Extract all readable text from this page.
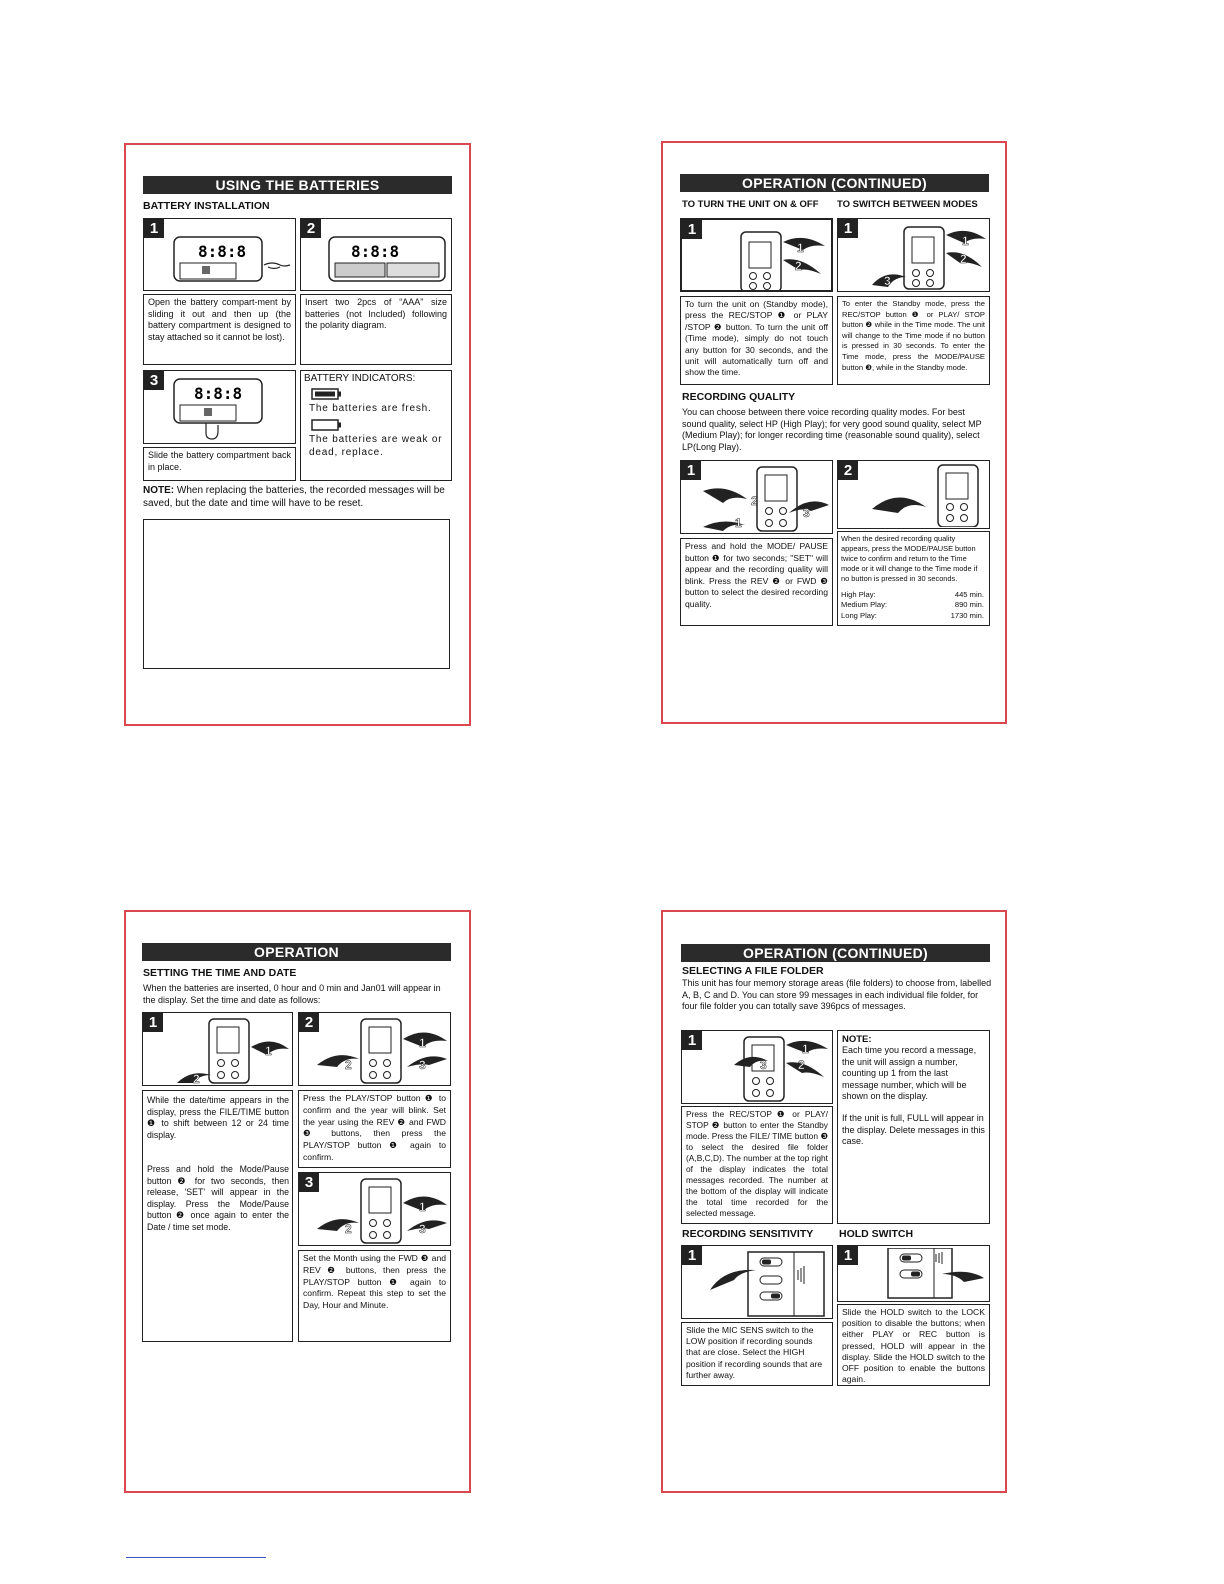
USING THE BATTERIES
BATTERY INSTALLATION
1
8:8:8
2
8:8:8
Open the battery compart-ment by sliding it out and then up (the battery compartment is designed to stay attached so it cannot be lost).
Insert two 2pcs of “AAA” size batteries (not Included) following the polarity diagram.
3
8:8:8
BATTERY INDICATORS:
The batteries are fresh.
The batteries are weak or dead, replace.
Slide the battery compartment back in place.
NOTE: When replacing the batteries, the recorded messages will be saved, but the date and time will have to be reset.
OPERATION (CONTINUED)
TO TURN THE UNIT ON & OFF TO SWITCH BETWEEN MODES
1
1
2
1
3
1
2
To turn the unit on (Standby mode), press the REC/STOP ❶ or PLAY /STOP ❷ button. To turn the unit off (Time mode), simply do not touch any button for 30 seconds, and the unit will automatically turn off and show the time.
To enter the Standby mode, press the REC/STOP button ❶ or PLAY/ STOP button ❷ while in the Time mode. The unit will change to the Time mode if no button is pressed in 30 seconds. To enter the Time mode, press the MODE/PAUSE button ❸, while in the Standby mode.
RECORDING QUALITY
You can choose between there voice recording quality modes. For best sound quality, select HP (High Play); for very good sound quality, select MP (Medium Play); for longer recording time (reasonable sound quality), select LP(Long Play).
1
2
1
3
2
Press and hold the MODE/ PAUSE button ❶ for two seconds; "SET" will appear and the recording quality will blink. Press the REV ❷ or FWD ❸ button to select the desired recording quality.
When the desired recording quality appears, press the MODE/PAUSE button twice to confirm and return to the Time mode or it will change to the Time mode if no button is pressed in 30 seconds.
High Play:	445 min.
Medium Play:	890 min.
Long Play:	1730 min.
OPERATION
SETTING THE TIME AND DATE
When the batteries are inserted, 0 hour and 0 min and Jan01 will appear in the display. Set the time and date as follows:
1
2
1
2
2
1
3
While the date/time appears in the display, press the FILE/TIME button ❶ to shift between 12 or 24 time display.
Press and hold the Mode/Pause button ❷ for two seconds, then release, 'SET' will appear in the display. Press the Mode/Pause button ❷ once again to enter the Date / time set mode.
Press the PLAY/STOP button ❶ to confirm and the year will blink. Set the year using the REV ❷ and FWD ❸ buttons, then press the PLAY/STOP button ❶ again to confirm.
3
2
1
3
Set the Month using the FWD ❸ and REV ❷ buttons, then press the PLAY/STOP button ❶ again to confirm. Repeat this step to set the Day, Hour and Minute.
OPERATION (CONTINUED)
SELECTING A FILE FOLDER
This unit has four memory storage areas (file folders) to choose from, labelled A, B, C and D. You can store 99 messages in each individual file folder, for four file folder you can totally save 396pcs of messages.
1
3
1
2
NOTE:
Each time you record a message, the unit will assign a number, counting up 1 from the last message number, which will be shown on the display.
If the unit is full, FULL will appear in the display. Delete messages in this case.
Press the REC/STOP ❶ or PLAY/ STOP ❷ button to enter the Standby mode. Press the FILE/ TIME button ❸ to select the desired file folder (A,B,C,D). The number at the top right of the display indicates the total messages recorded. The number at the bottom of the display will indicate the total time recorded for the selected message.
RECORDING SENSITIVITY HOLD SWITCH
1	1
Slide the MIC SENS switch to the LOW position if recording sounds that are close. Select the HIGH position if recording sounds that are further away.
Slide the HOLD switch to the LOCK position to disable the buttons; when either PLAY or REC button is pressed, HOLD will appear in the display. Slide the HOLD switch to the OFF position to enable the buttons again.
